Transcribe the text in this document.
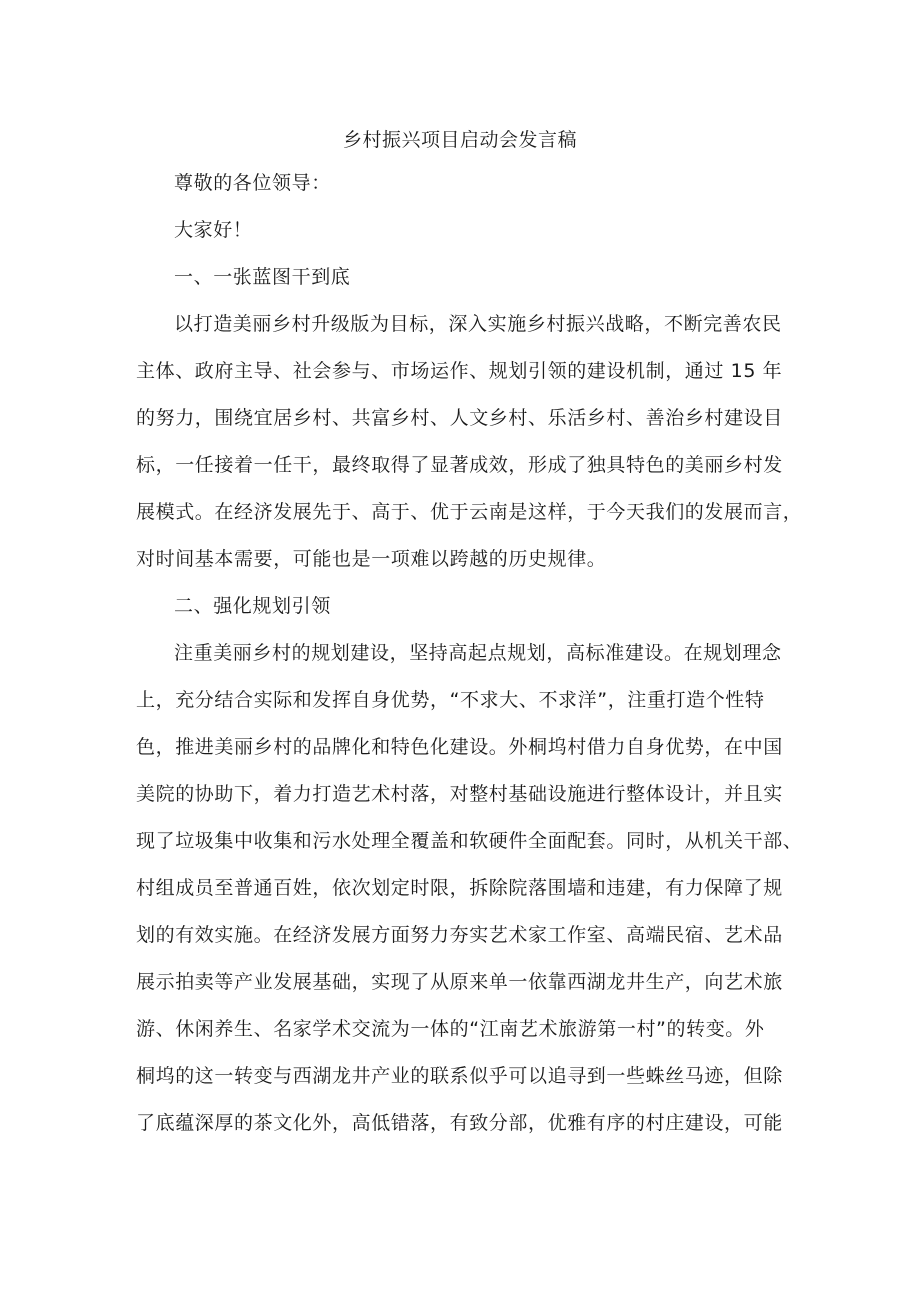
乡村振兴项目启动会发言稿
尊敬的各位领导：
大家好！
一、一张蓝图干到底
以打造美丽乡村升级版为目标，深入实施乡村振兴战略，不断完善农民
主体、政府主导、社会参与、市场运作、规划引领的建设机制，通过 15 年
的努力，围绕宜居乡村、共富乡村、人文乡村、乐活乡村、善治乡村建设目
标，一任接着一任干，最终取得了显著成效，形成了独具特色的美丽乡村发
展模式。在经济发展先于、高于、优于云南是这样，于今天我们的发展而言，
对时间基本需要，可能也是一项难以跨越的历史规律。
二、强化规划引领
注重美丽乡村的规划建设，坚持高起点规划，高标准建设。在规划理念
上，充分结合实际和发挥自身优势，“不求大、不求洋”，注重打造个性特
色，推进美丽乡村的品牌化和特色化建设。外桐坞村借力自身优势，在中国
美院的协助下，着力打造艺术村落，对整村基础设施进行整体设计，并且实
现了垃圾集中收集和污水处理全覆盖和软硬件全面配套。同时，从机关干部、
村组成员至普通百姓，依次划定时限，拆除院落围墙和违建，有力保障了规
划的有效实施。在经济发展方面努力夯实艺术家工作室、高端民宿、艺术品
展示拍卖等产业发展基础，实现了从原来单一依靠西湖龙井生产，向艺术旅
游、休闲养生、名家学术交流为一体的“江南艺术旅游第一村”的转变。外
桐坞的这一转变与西湖龙井产业的联系似乎可以追寻到一些蛛丝马迹，但除
了底蕴深厚的茶文化外，高低错落，有致分部，优雅有序的村庄建设，可能
